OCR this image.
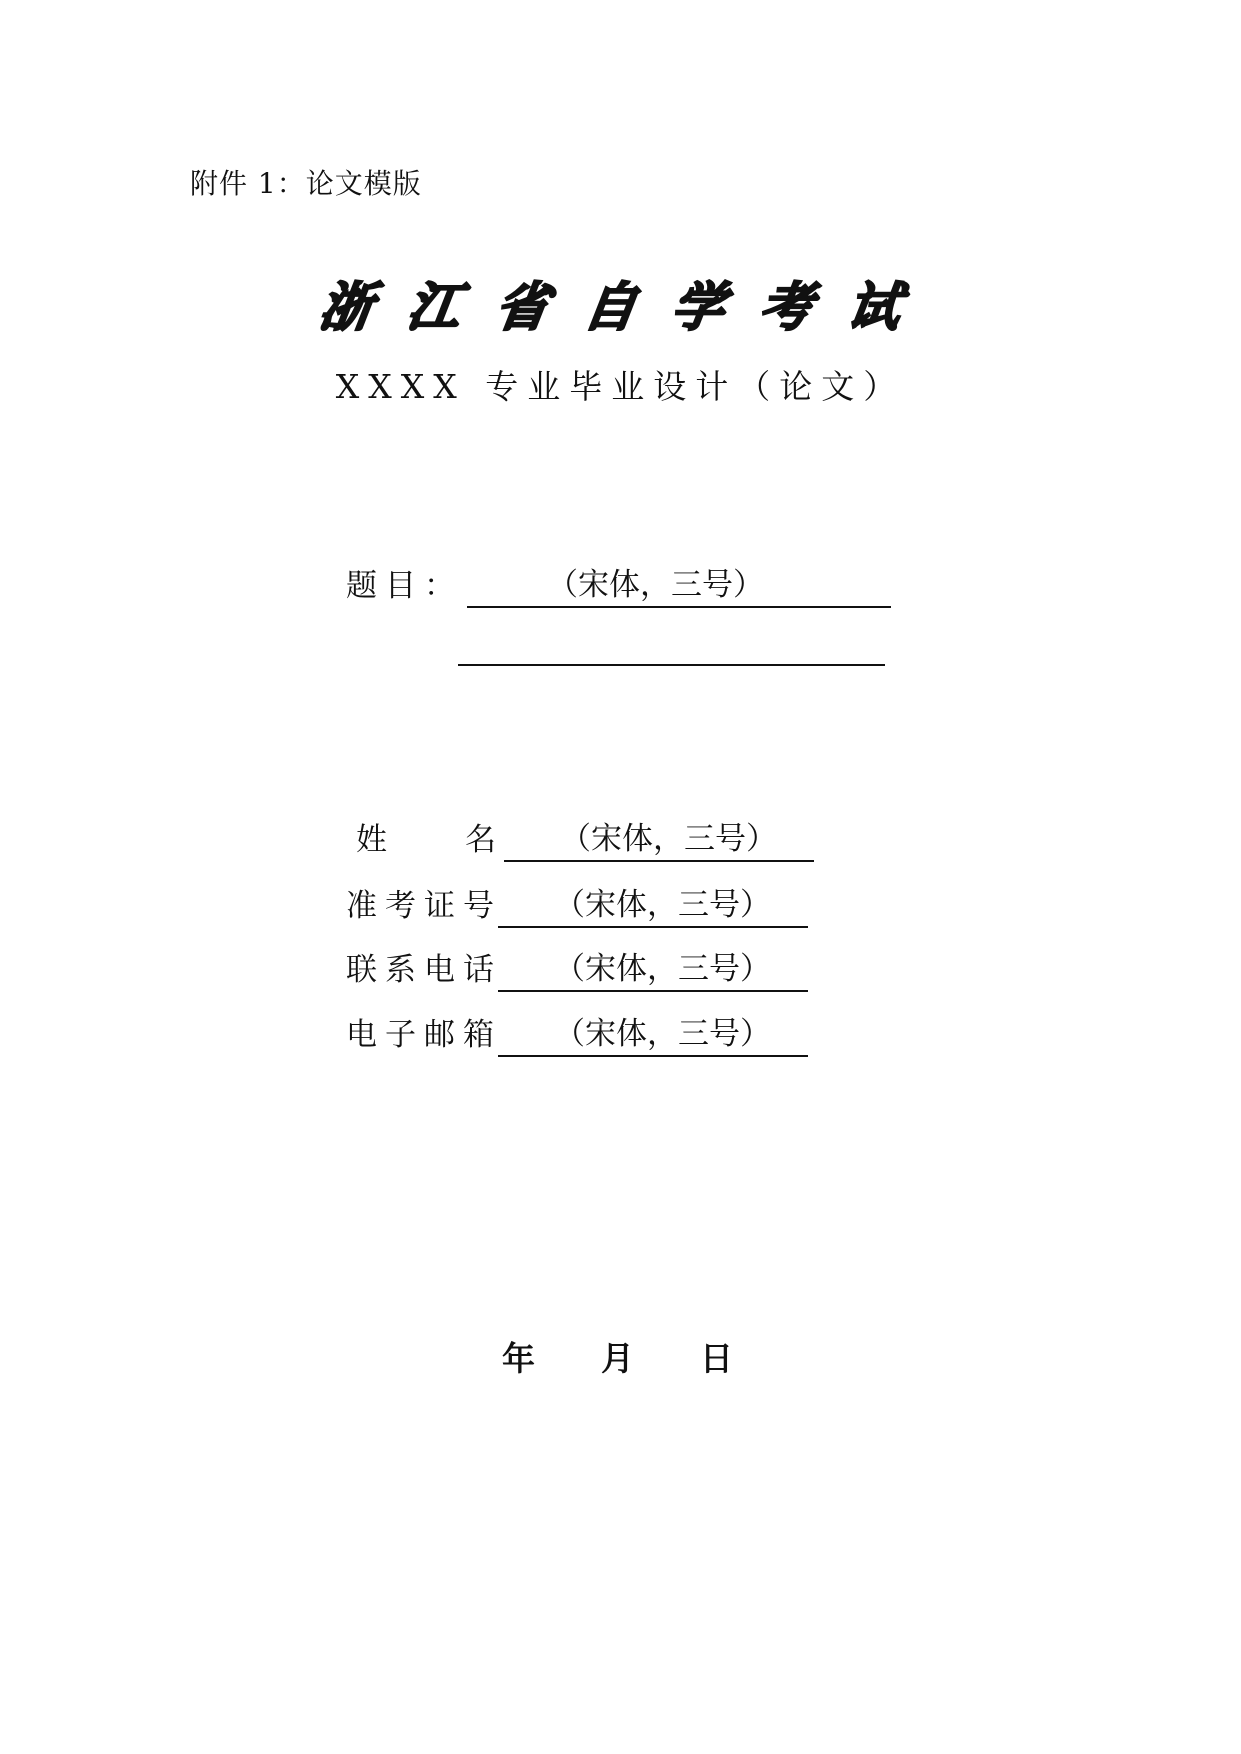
附件 1：论文模版
浙 江 省 自 学 考 试
XXXX 专业毕业设计（论文）
题目：	（宋体，三号）
姓	名	（宋体，三号）
准考证号	（宋体，三号）
联系电话	（宋体，三号）
电子邮箱	（宋体，三号）
年 月 日
